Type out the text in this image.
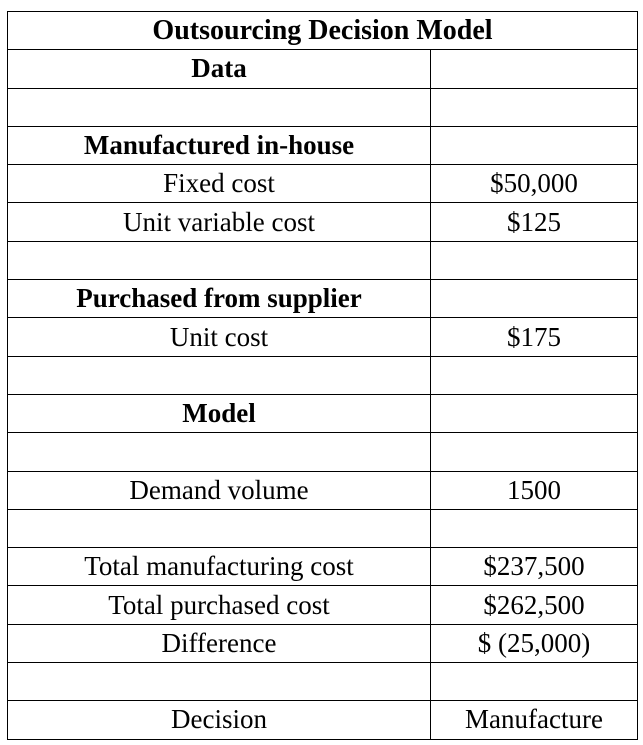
Outsourcing Decision Model	
Data	

Manufactured in-house	
Fixed cost	$50,000
Unit variable cost	$125

Purchased from supplier	
Unit cost	$175

Model	

Demand volume	1500

Total manufacturing cost	$237,500
Total purchased cost	$262,500
Difference	$ (25,000)

Decision	Manufacture
